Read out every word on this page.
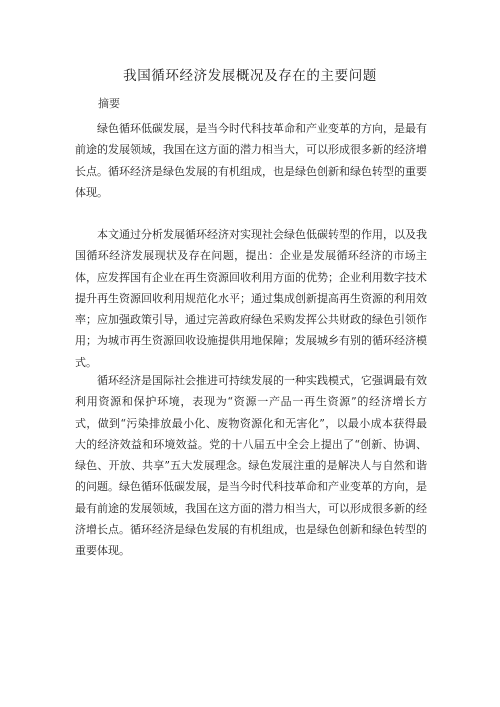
我国循环经济发展概况及存在的主要问题
摘要

绿色循环低碳发展，是当今时代科技革命和产业变革的方向，是最有前途的发展领域，我国在这方面的潜力相当大，可以形成很多新的经济增长点。循环经济是绿色发展的有机组成，也是绿色创新和绿色转型的重要体现。

本文通过分析发展循环经济对实现社会绿色低碳转型的作用，以及我国循环经济发展现状及存在问题，提出：企业是发展循环经济的市场主体，应发挥国有企业在再生资源回收利用方面的优势；企业利用数字技术提升再生资源回收利用规范化水平；通过集成创新提高再生资源的利用效率；应加强政策引导，通过完善政府绿色采购发挥公共财政的绿色引领作用；为城市再生资源回收设施提供用地保障；发展城乡有别的循环经济模式。

循环经济是国际社会推进可持续发展的一种实践模式，它强调最有效利用资源和保护环境，表现为“资源一产品一再生资源”的经济增长方式，做到“污染排放最小化、废物资源化和无害化”，以最小成本获得最大的经济效益和环境效益。党的十八届五中全会上提出了“创新、协调、绿色、开放、共享”五大发展理念。绿色发展注重的是解决人与自然和谐的问题。绿色循环低碳发展，是当今时代科技革命和产业变革的方向，是最有前途的发展领域，我国在这方面的潜力相当大，可以形成很多新的经济增长点。循环经济是绿色发展的有机组成，也是绿色创新和绿色转型的重要体现。
